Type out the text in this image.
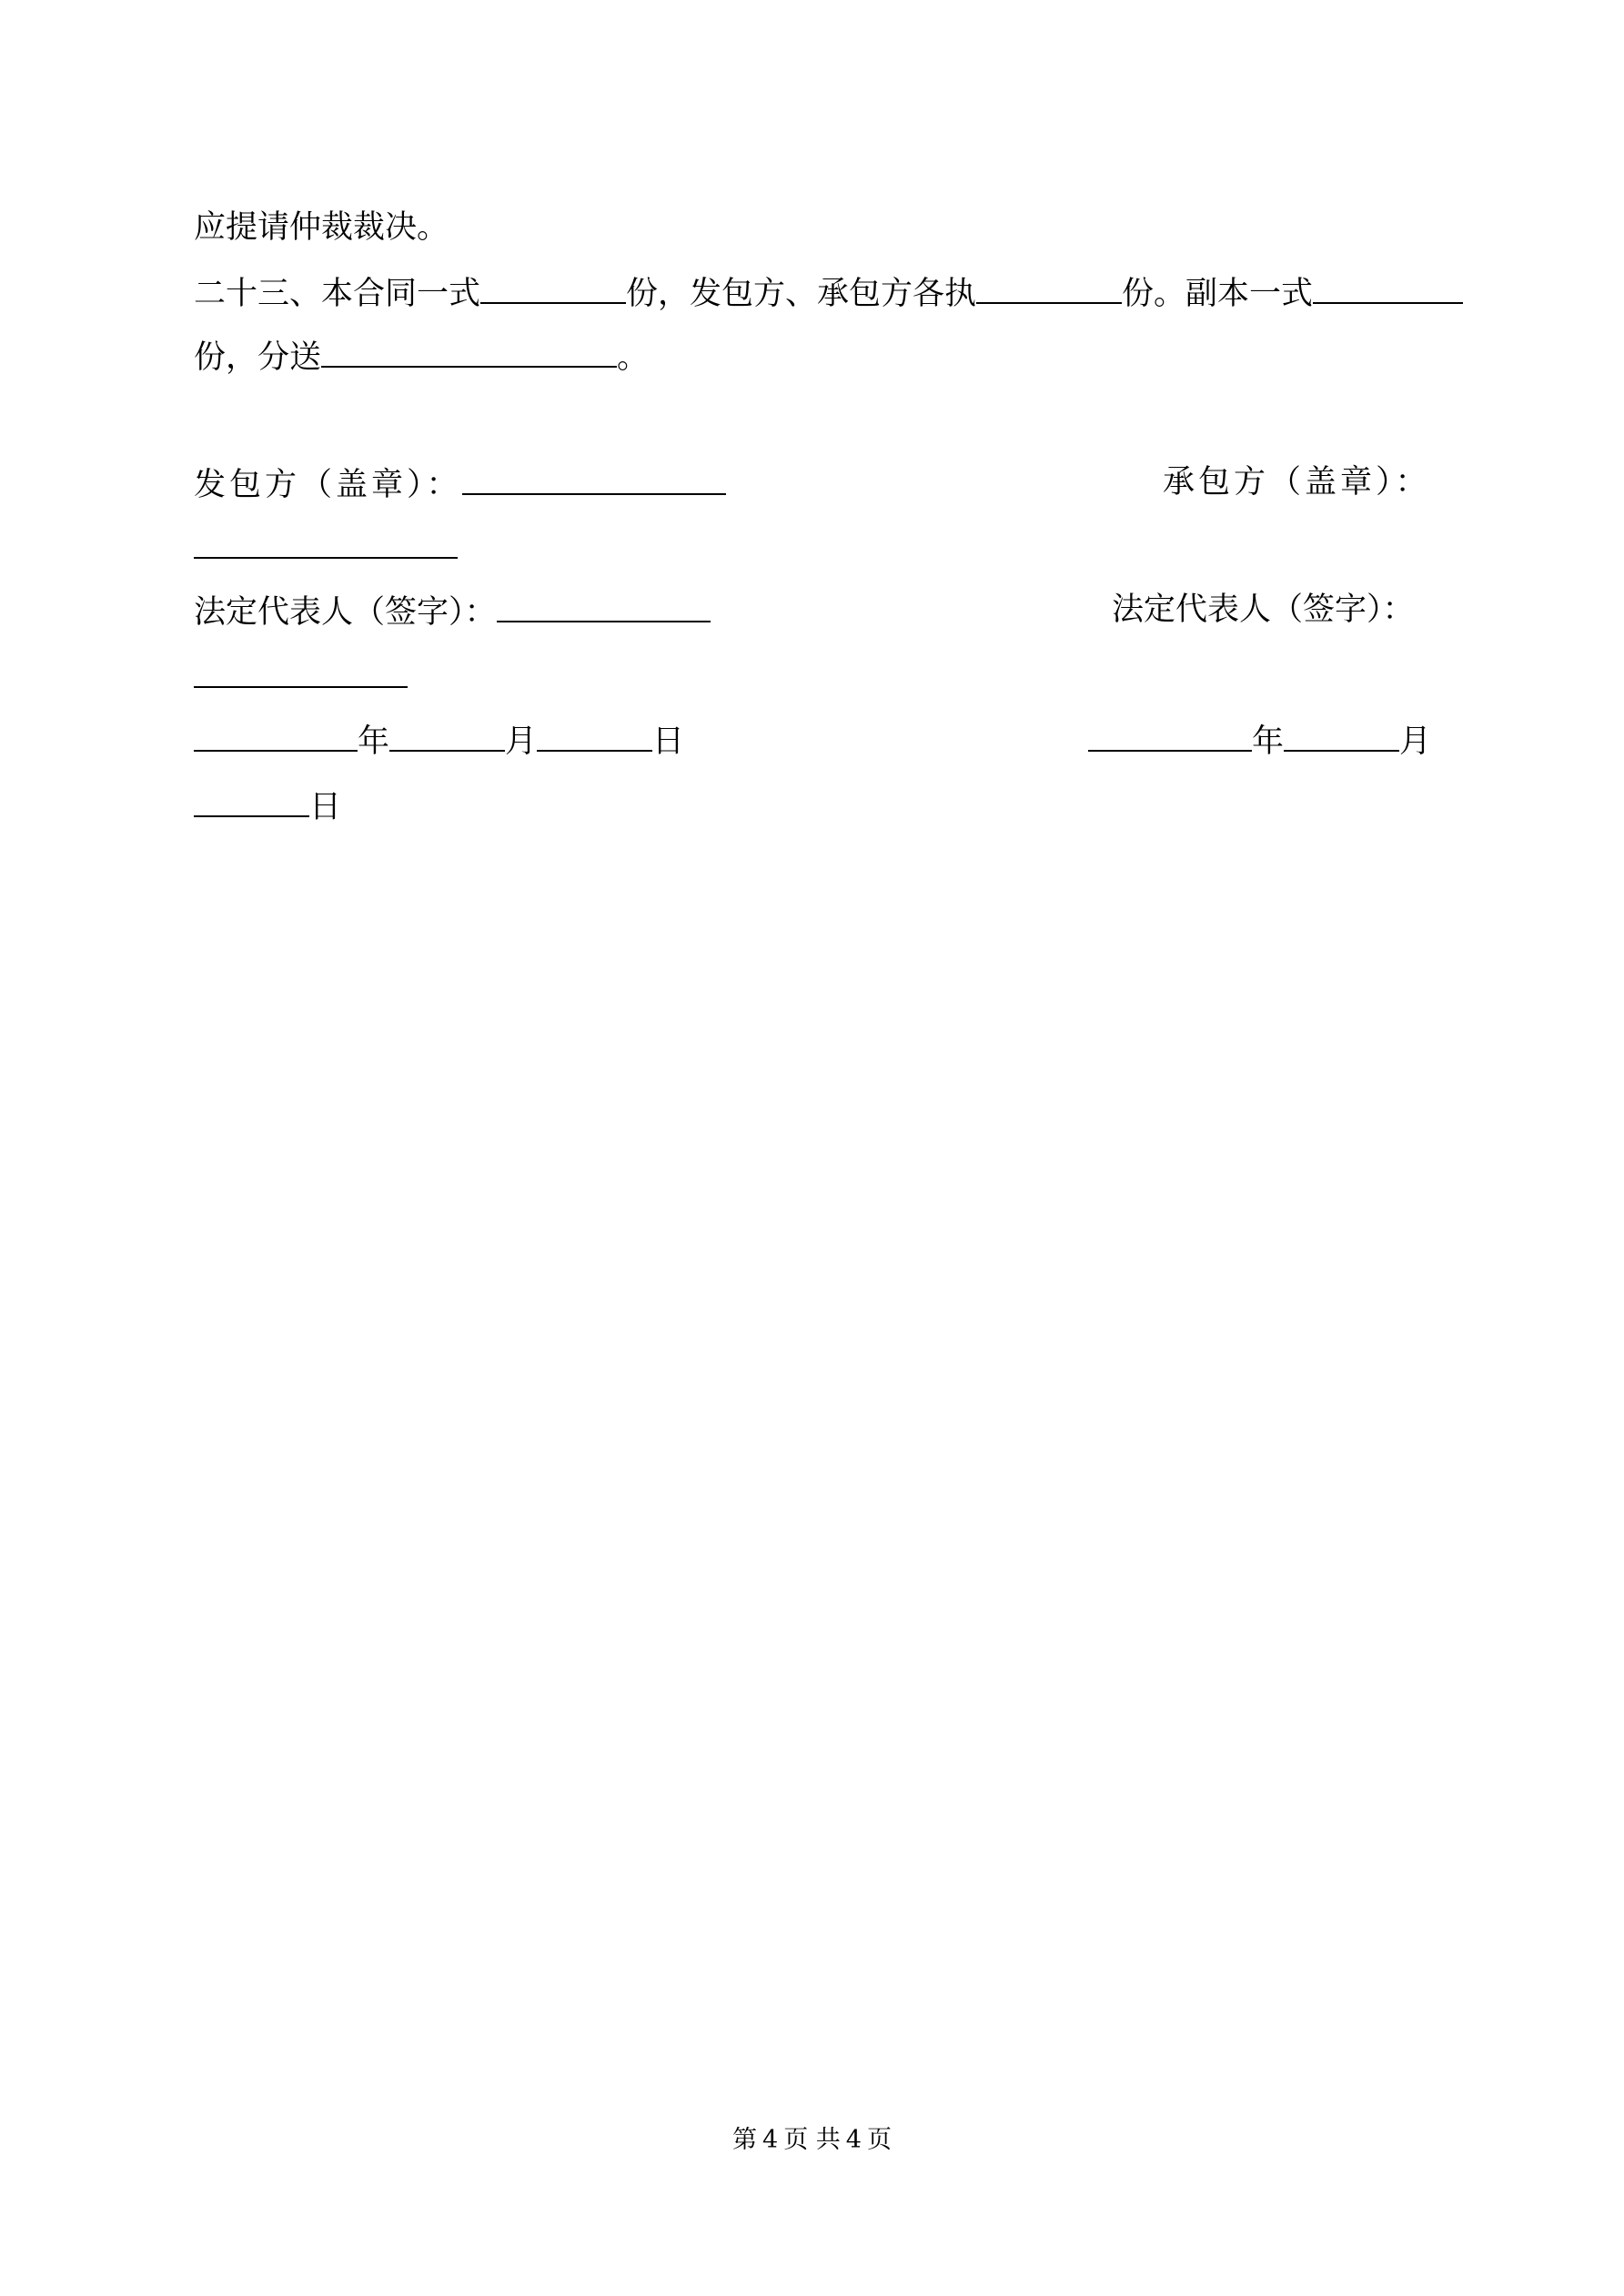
应提请仲裁裁决。
二十三、本合同一式	份，发包方、承包方各执	份。副本一式
份，分送	。
发包方（盖章）：	承包方（盖章）：
法定代表人（签字）：	法定代表人（签字）：
年	月	日	年	月
日
第 4 页 共 4 页
